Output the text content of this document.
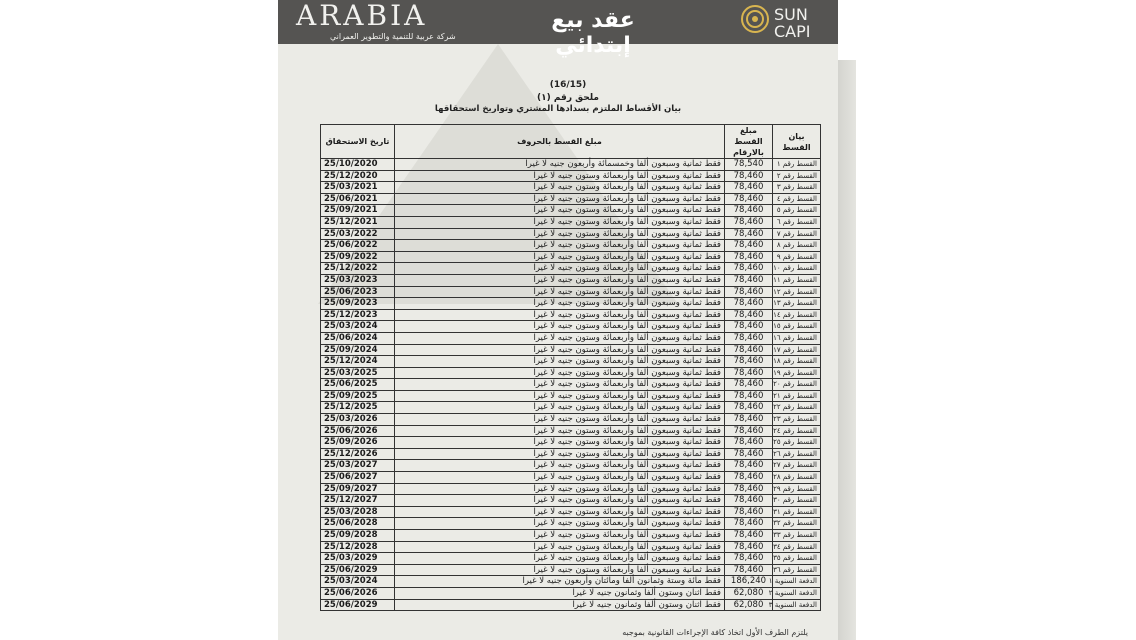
ARABIA
شركة عربية للتنمية والتطوير العمراني
عقد بيع إبتدائي
SUN CAPI
(16/15)
ملحق رقم (١)
بيان الأقساط الملتزم بسدادها المشتري وتواريخ استحقاقها
تاريخ الاستحقاق	مبلغ القسط بالحروف	مبلغ القسط بالارقام	بيان القسط
25/10/2020	فقط ثمانية وسبعون ألفا وخمسمائة وأربعون جنيه لا غيرا	78,540	القسط رقم ١
25/12/2020	فقط ثمانية وسبعون ألفا وأربعمائة وستون جنيه لا غيرا	78,460	القسط رقم ٢
25/03/2021	فقط ثمانية وسبعون ألفا وأربعمائة وستون جنيه لا غيرا	78,460	القسط رقم ٣
25/06/2021	فقط ثمانية وسبعون ألفا وأربعمائة وستون جنيه لا غيرا	78,460	القسط رقم ٤
25/09/2021	فقط ثمانية وسبعون ألفا وأربعمائة وستون جنيه لا غيرا	78,460	القسط رقم ٥
25/12/2021	فقط ثمانية وسبعون ألفا وأربعمائة وستون جنيه لا غيرا	78,460	القسط رقم ٦
25/03/2022	فقط ثمانية وسبعون ألفا وأربعمائة وستون جنيه لا غيرا	78,460	القسط رقم ٧
25/06/2022	فقط ثمانية وسبعون ألفا وأربعمائة وستون جنيه لا غيرا	78,460	القسط رقم ٨
25/09/2022	فقط ثمانية وسبعون ألفا وأربعمائة وستون جنيه لا غيرا	78,460	القسط رقم ٩
25/12/2022	فقط ثمانية وسبعون ألفا وأربعمائة وستون جنيه لا غيرا	78,460	القسط رقم ١٠
25/03/2023	فقط ثمانية وسبعون ألفا وأربعمائة وستون جنيه لا غيرا	78,460	القسط رقم ١١
25/06/2023	فقط ثمانية وسبعون ألفا وأربعمائة وستون جنيه لا غيرا	78,460	القسط رقم ١٢
25/09/2023	فقط ثمانية وسبعون ألفا وأربعمائة وستون جنيه لا غيرا	78,460	القسط رقم ١٣
25/12/2023	فقط ثمانية وسبعون ألفا وأربعمائة وستون جنيه لا غيرا	78,460	القسط رقم ١٤
25/03/2024	فقط ثمانية وسبعون ألفا وأربعمائة وستون جنيه لا غيرا	78,460	القسط رقم ١٥
25/06/2024	فقط ثمانية وسبعون ألفا وأربعمائة وستون جنيه لا غيرا	78,460	القسط رقم ١٦
25/09/2024	فقط ثمانية وسبعون ألفا وأربعمائة وستون جنيه لا غيرا	78,460	القسط رقم ١٧
25/12/2024	فقط ثمانية وسبعون ألفا وأربعمائة وستون جنيه لا غيرا	78,460	القسط رقم ١٨
25/03/2025	فقط ثمانية وسبعون ألفا وأربعمائة وستون جنيه لا غيرا	78,460	القسط رقم ١٩
25/06/2025	فقط ثمانية وسبعون ألفا وأربعمائة وستون جنيه لا غيرا	78,460	القسط رقم ٢٠
25/09/2025	فقط ثمانية وسبعون ألفا وأربعمائة وستون جنيه لا غيرا	78,460	القسط رقم ٢١
25/12/2025	فقط ثمانية وسبعون ألفا وأربعمائة وستون جنيه لا غيرا	78,460	القسط رقم ٢٢
25/03/2026	فقط ثمانية وسبعون ألفا وأربعمائة وستون جنيه لا غيرا	78,460	القسط رقم ٢٣
25/06/2026	فقط ثمانية وسبعون ألفا وأربعمائة وستون جنيه لا غيرا	78,460	القسط رقم ٢٤
25/09/2026	فقط ثمانية وسبعون ألفا وأربعمائة وستون جنيه لا غيرا	78,460	القسط رقم ٢٥
25/12/2026	فقط ثمانية وسبعون ألفا وأربعمائة وستون جنيه لا غيرا	78,460	القسط رقم ٢٦
25/03/2027	فقط ثمانية وسبعون ألفا وأربعمائة وستون جنيه لا غيرا	78,460	القسط رقم ٢٧
25/06/2027	فقط ثمانية وسبعون ألفا وأربعمائة وستون جنيه لا غيرا	78,460	القسط رقم ٢٨
25/09/2027	فقط ثمانية وسبعون ألفا وأربعمائة وستون جنيه لا غيرا	78,460	القسط رقم ٢٩
25/12/2027	فقط ثمانية وسبعون ألفا وأربعمائة وستون جنيه لا غيرا	78,460	القسط رقم ٣٠
25/03/2028	فقط ثمانية وسبعون ألفا وأربعمائة وستون جنيه لا غيرا	78,460	القسط رقم ٣١
25/06/2028	فقط ثمانية وسبعون ألفا وأربعمائة وستون جنيه لا غيرا	78,460	القسط رقم ٣٢
25/09/2028	فقط ثمانية وسبعون ألفا وأربعمائة وستون جنيه لا غيرا	78,460	القسط رقم ٣٣
25/12/2028	فقط ثمانية وسبعون ألفا وأربعمائة وستون جنيه لا غيرا	78,460	القسط رقم ٣٤
25/03/2029	فقط ثمانية وسبعون ألفا وأربعمائة وستون جنيه لا غيرا	78,460	القسط رقم ٣٥
25/06/2029	فقط ثمانية وسبعون ألفا وأربعمائة وستون جنيه لا غيرا	78,460	القسط رقم ٣٦
25/03/2024	فقط مائة وستة وثمانون ألفا ومائتان وأربعون جنيه لا غيرا	186,240	الدفعة السنوية ١
25/06/2026	فقط اثنان وستون ألفا وثمانون جنيه لا غيرا	62,080	الدفعة السنوية ٢
25/06/2029	فقط اثنان وستون ألفا وثمانون جنيه لا غيرا	62,080	الدفعة السنوية ٣
يلتزم الطرف الأول اتخاذ كافة الإجراءات القانونية بموجبه
